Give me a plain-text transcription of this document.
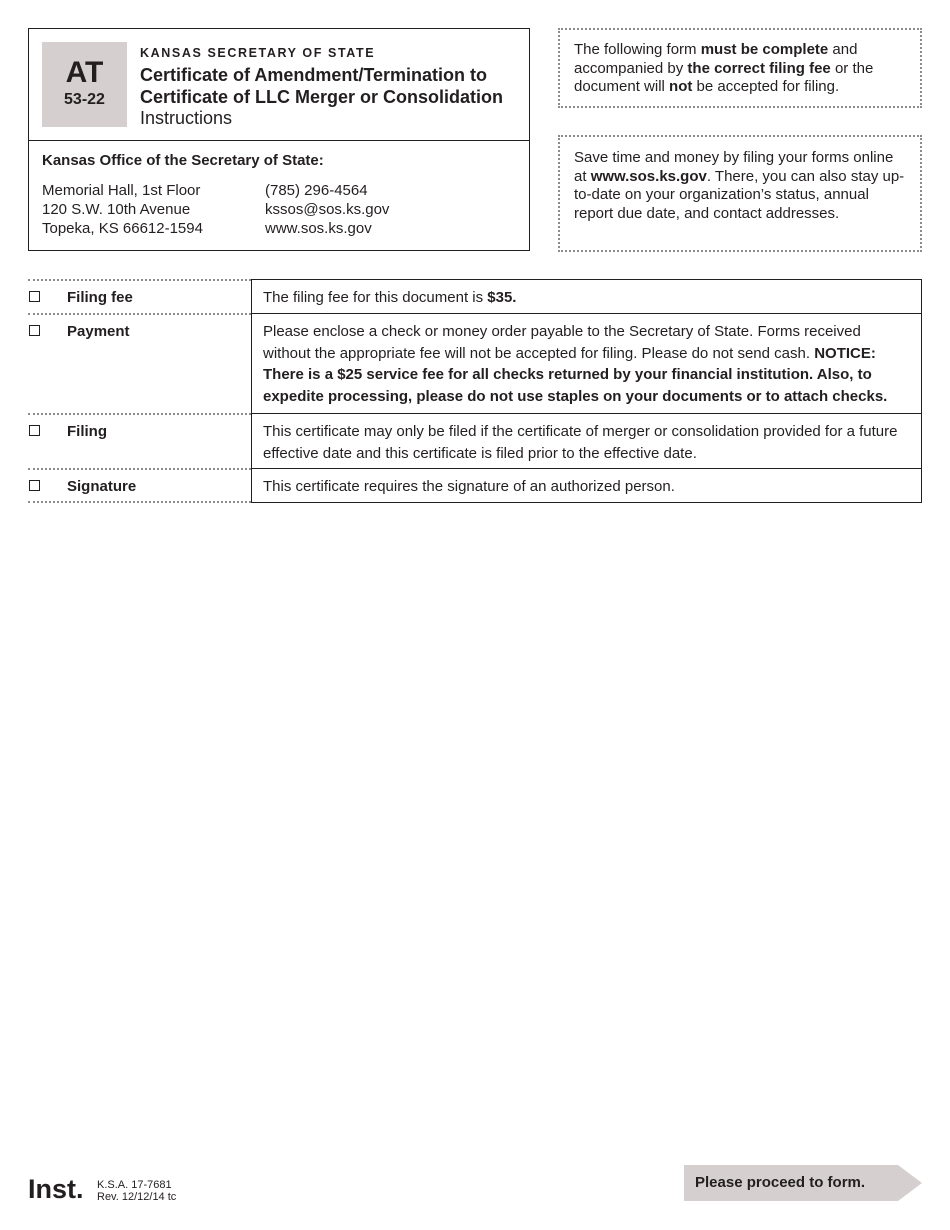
AT
53-22
KANSAS SECRETARY OF STATE
Certificate of Amendment/Termination to
Certificate of LLC Merger or Consolidation
Instructions
Kansas Office of the Secretary of State:
Memorial Hall, 1st Floor
120 S.W. 10th Avenue
Topeka, KS 66612-1594
(785) 296-4564
kssos@sos.ks.gov
www.sos.ks.gov
The following form must be complete and accompanied by the correct filing fee or the document will not be accepted for filing.
Save time and money by filing your forms online at www.sos.ks.gov. There, you can also stay up-to-date on your organization’s status, annual report due date, and contact addresses.
Filing fee	The filing fee for this document is $35.
Payment	Please enclose a check or money order payable to the Secretary of State. Forms received without the appropriate fee will not be accepted for filing. Please do not send cash. NOTICE: There is a $25 service fee for all checks returned by your financial institution. Also, to expedite processing, please do not use staples on your documents or to attach checks.
Filing	This certificate may only be filed if the certificate of merger or consolidation provided for a future effective date and this certificate is filed prior to the effective date.
Signature	This certificate requires the signature of an authorized person.
Inst. K.S.A. 17-7681
Rev. 12/12/14 tc
Please proceed to form.
